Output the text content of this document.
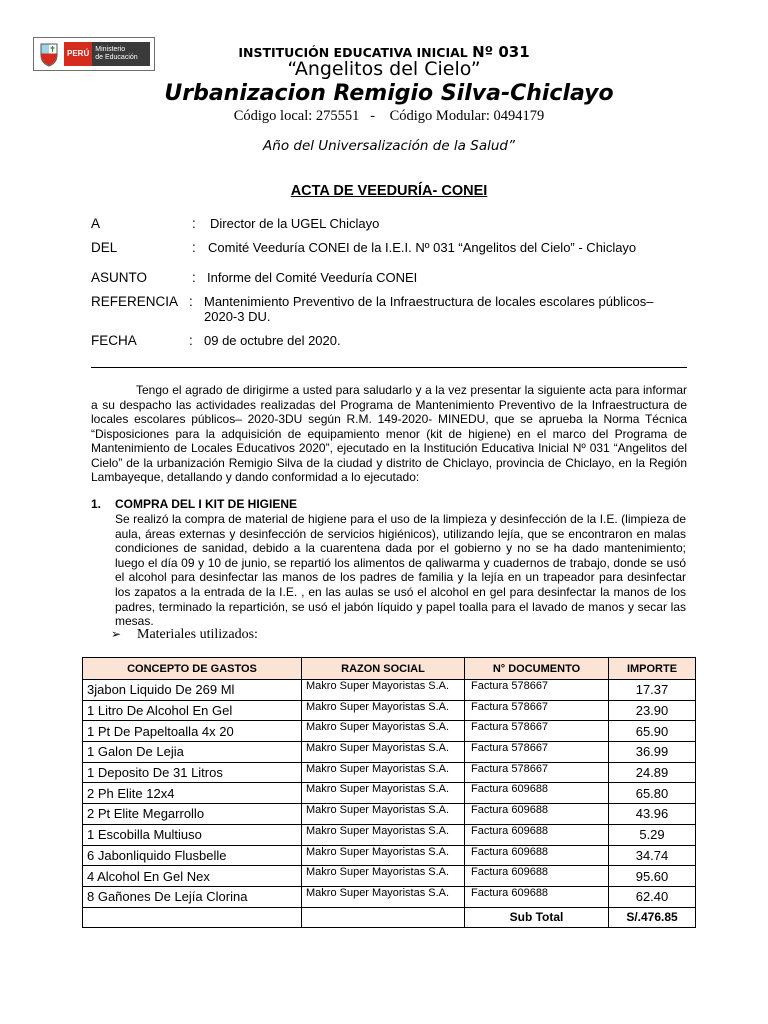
PERÚ Ministerio
de Educación	INSTITUCIÓN EDUCATIVA INICIAL Nº 031
“Angelitos del Cielo”
Urbanizacion Remigio Silva-Chiclayo
Código local: 275551   -    Código Modular: 0494179
Año del Universalización de la Salud”
ACTA DE VEEDURÍA- CONEI
A	: Director de la UGEL Chiclayo
DEL	: Comité Veeduría CONEI de la I.E.I. Nº 031 “Angelitos del Cielo” - Chiclayo
ASUNTO	: Informe del Comité Veeduría CONEI
REFERENCIA : Mantenimiento Preventivo de la Infraestructura de locales escolares públicos–
2020-3 DU.
FECHA	: 09 de octubre del 2020.

Tengo el agrado de dirigirme a usted para saludarlo y a la vez presentar la siguiente acta para informar a su despacho las actividades realizadas del Programa de Mantenimiento Preventivo de la Infraestructura de locales escolares públicos– 2020-3DU según R.M. 149-2020- MINEDU, que se aprueba la Norma Técnica “Disposiciones para la adquisición de equipamiento menor (kit de higiene) en el marco del Programa de Mantenimiento de Locales Educativos 2020”, ejecutado en la Institución Educativa Inicial Nº 031 “Angelitos del Cielo” de la urbanización Remigio Silva de la ciudad y distrito de Chiclayo, provincia de Chiclayo, en la Región Lambayeque, detallando y dando conformidad a lo ejecutado:

1. COMPRA DEL I KIT DE HIGIENE

Se realizó la compra de material de higiene para el uso de la limpieza y desinfección de la I.E. (limpieza de aula, áreas externas y desinfección de servicios higiénicos), utilizando lejía, que se encontraron en malas condiciones de sanidad, debido a la cuarentena dada por el gobierno y no se ha dado mantenimiento; luego el día 09 y 10 de junio, se repartió los alimentos de qaliwarma y cuadernos de trabajo, donde se usó el alcohol para desinfectar las manos de los padres de familia y la lejía en un trapeador para desinfectar los zapatos a la entrada de la I.E. , en las aulas se usó el alcohol en gel para desinfectar la manos de los padres, terminado la repartición, se usó el jabón líquido y papel toalla para el lavado de manos y secar las mesas.

➢ Materiales utilizados:
CONCEPTO DE GASTOS	RAZON SOCIAL	N° DOCUMENTO	IMPORTE
3jabon Liquido De 269 Ml	Makro Super Mayoristas S.A.	Factura 578667	17.37
1 Litro De Alcohol En Gel	Makro Super Mayoristas S.A.	Factura 578667	23.90
1 Pt De Papeltoalla 4x 20	Makro Super Mayoristas S.A.	Factura 578667	65.90
1 Galon De Lejia	Makro Super Mayoristas S.A.	Factura 578667	36.99
1 Deposito De 31 Litros	Makro Super Mayoristas S.A.	Factura 578667	24.89
2 Ph Elite 12x4	Makro Super Mayoristas S.A.	Factura 609688	65.80
2 Pt Elite Megarrollo	Makro Super Mayoristas S.A.	Factura 609688	43.96
1 Escobilla Multiuso	Makro Super Mayoristas S.A.	Factura 609688	5.29
6 Jabonliquido Flusbelle	Makro Super Mayoristas S.A.	Factura 609688	34.74
4 Alcohol En Gel Nex	Makro Super Mayoristas S.A.	Factura 609688	95.60
8 Gañones De Lejía Clorina	Makro Super Mayoristas S.A.	Factura 609688	62.40
		Sub Total	S/.476.85
